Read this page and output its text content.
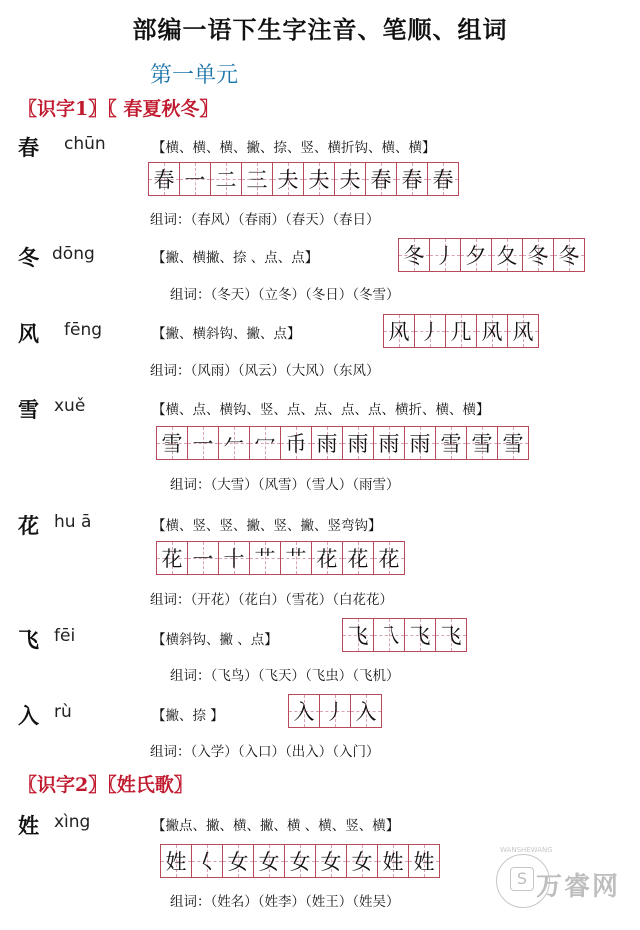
部编一语下生字注音、笔顺、组词
第一单元
〖识字1〗〖 春夏秋冬〗
春 chūn	【横、横、横、撇、捺、竖、横折钩、横、横】
春 一 二 三 夫 夫 夫 春 春 春
组词：（春风）（春雨）（春天）（春日）
冬 dōng	【撇、横撇、捺 、点、点】	冬 丿 夕 夂 冬 冬
组词：（冬天）（立冬）（冬日）（冬雪）
风 fēng	【撇、横斜钩、撇、点】	风 丿 几 风 风
组词：（风雨）（风云）（大风）（东风）
雪 xuě	【横、点、横钩、竖、点、点、点、点、横折、横、横】
雪 一 𠂉 冖 币 雨 雨 雨 雨 雪 雪 雪
组词：（大雪）（风雪）（雪人）（雨雪）
花 hu ā	【横、竖、竖、撇、竖、撇、竖弯钩】
花 一 十 艹 艹 花 花 花
组词：（开花）（花白）（雪花）（白花花）
飞 fēi	【横斜钩、撇 、点】	飞 乁 飞 飞
组词：（飞鸟）（飞天）（飞虫）（飞机）
入 rù	【撇、捺 】	入 丿 入
组词：（入学）（入口）（出入）（入门）
〖识字2〗〖姓氏歌〗
姓 xìng	【撇点、撇、横、撇、横 、横、竖、横】
姓 𡿨 女 女 女 女 女 姓 姓
组词：（姓名）（姓李）（姓王）（姓吴）
S 万睿网
WANSHEWANG
